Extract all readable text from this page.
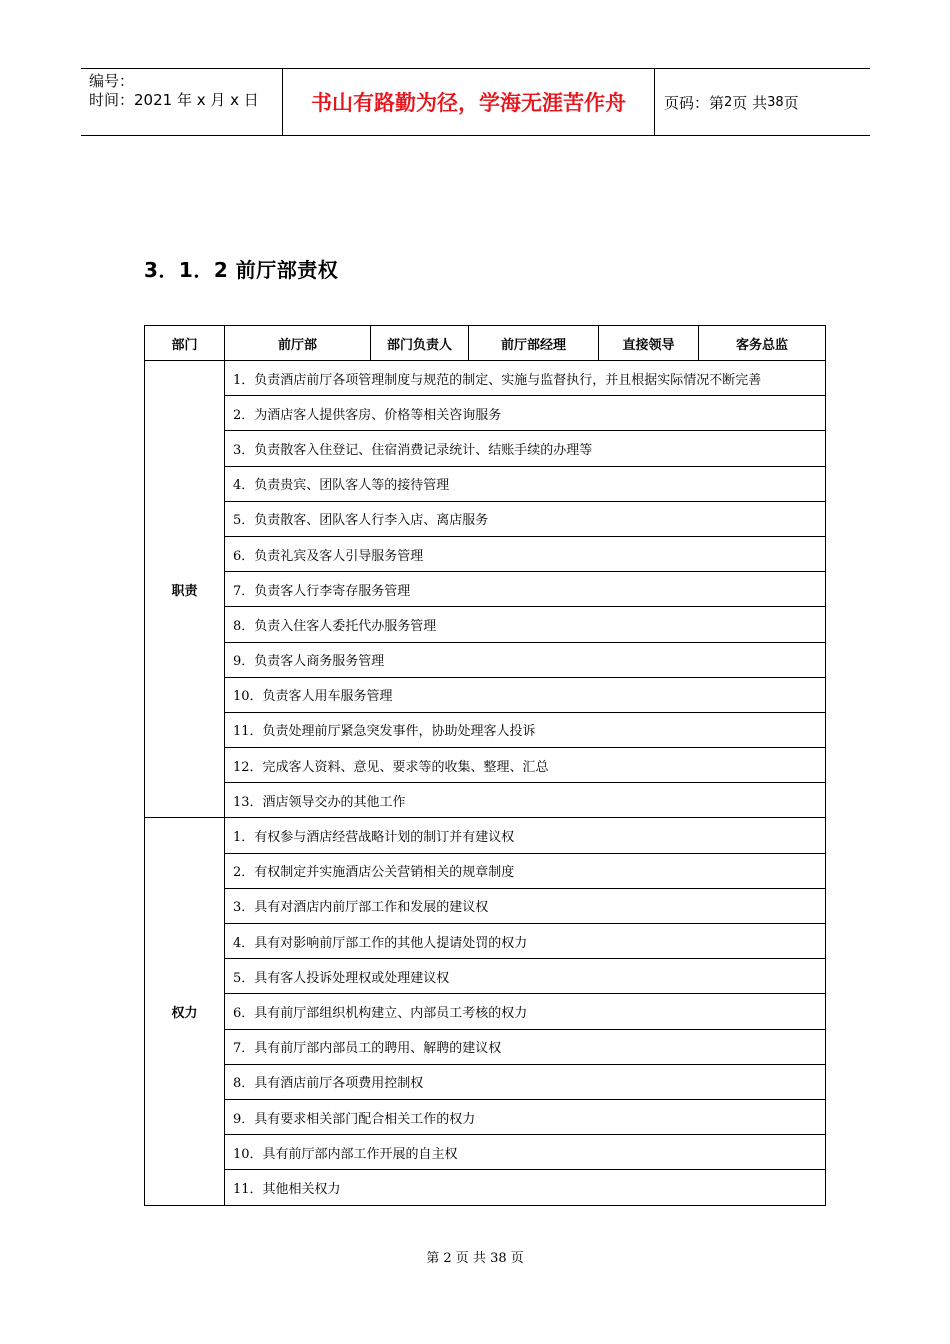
编号：
时间：2021 年 x 月 x 日	书山有路勤为径，学海无涯苦作舟	页码：第 2 页 共 38 页
3．1．2 前厅部责权
部门	前厅部	部门负责人	前厅部经理	直接领导	客务总监
职责	1．负责酒店前厅各项管理制度与规范的制定、实施与监督执行，并且根据实际情况不断完善				
	2．为酒店客人提供客房、价格等相关咨询服务				
	3．负责散客入住登记、住宿消费记录统计、结账手续的办理等				
	4．负责贵宾、团队客人等的接待管理				
	5．负责散客、团队客人行李入店、离店服务				
	6．负责礼宾及客人引导服务管理				
	7．负责客人行李寄存服务管理				
	8．负责入住客人委托代办服务管理				
	9．负责客人商务服务管理				
	10．负责客人用车服务管理				
	11．负责处理前厅紧急突发事件，协助处理客人投诉				
	12．完成客人资料、意见、要求等的收集、整理、汇总				
	13．酒店领导交办的其他工作				
权力	1．有权参与酒店经营战略计划的制订并有建议权				
	2．有权制定并实施酒店公关营销相关的规章制度				
	3．具有对酒店内前厅部工作和发展的建议权				
	4．具有对影响前厅部工作的其他人提请处罚的权力				
	5．具有客人投诉处理权或处理建议权				
	6．具有前厅部组织机构建立、内部员工考核的权力				
	7．具有前厅部内部员工的聘用、解聘的建议权				
	8．具有酒店前厅各项费用控制权				
	9．具有要求相关部门配合相关工作的权力				
	10．具有前厅部内部工作开展的自主权				
	11．其他相关权力				
第 2 页 共 38 页
